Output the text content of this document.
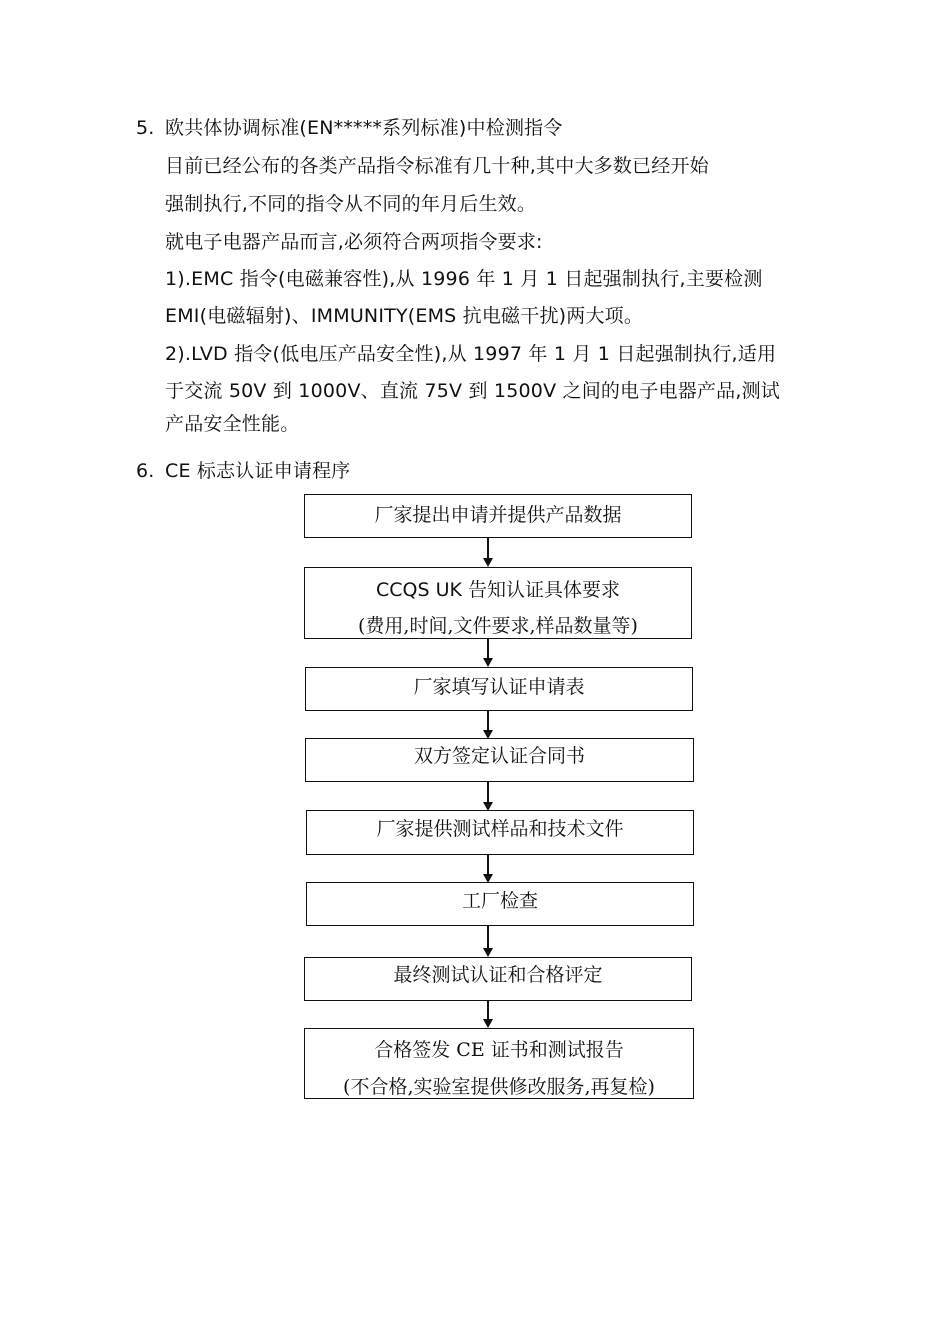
5. 欧共体协调标准(EN*****系列标准)中检测指令

目前已经公布的各类产品指令标准有几十种,其中大多数已经开始

强制执行,不同的指令从不同的年月后生效。

就电子电器产品而言,必须符合两项指令要求:

1).EMC 指令(电磁兼容性),从 1996 年 1 月 1 日起强制执行,主要检测

EMI(电磁辐射)、IMMUNITY(EMS 抗电磁干扰)两大项。

2).LVD 指令(低电压产品安全性),从 1997 年 1 月 1 日起强制执行,适用

于交流 50V 到 1000V、直流 75V 到 1500V 之间的电子电器产品,测试

产品安全性能。

6. CE 标志认证申请程序

厂家提出申请并提供产品数据
CCQS UK 告知认证具体要求
(费用,时间,文件要求,样品数量等)
厂家填写认证申请表
双方签定认证合同书
厂家提供测试样品和技术文件
工厂检查
最终测试认证和合格评定
合格签发 CE 证书和测试报告
(不合格,实验室提供修改服务,再复检)
